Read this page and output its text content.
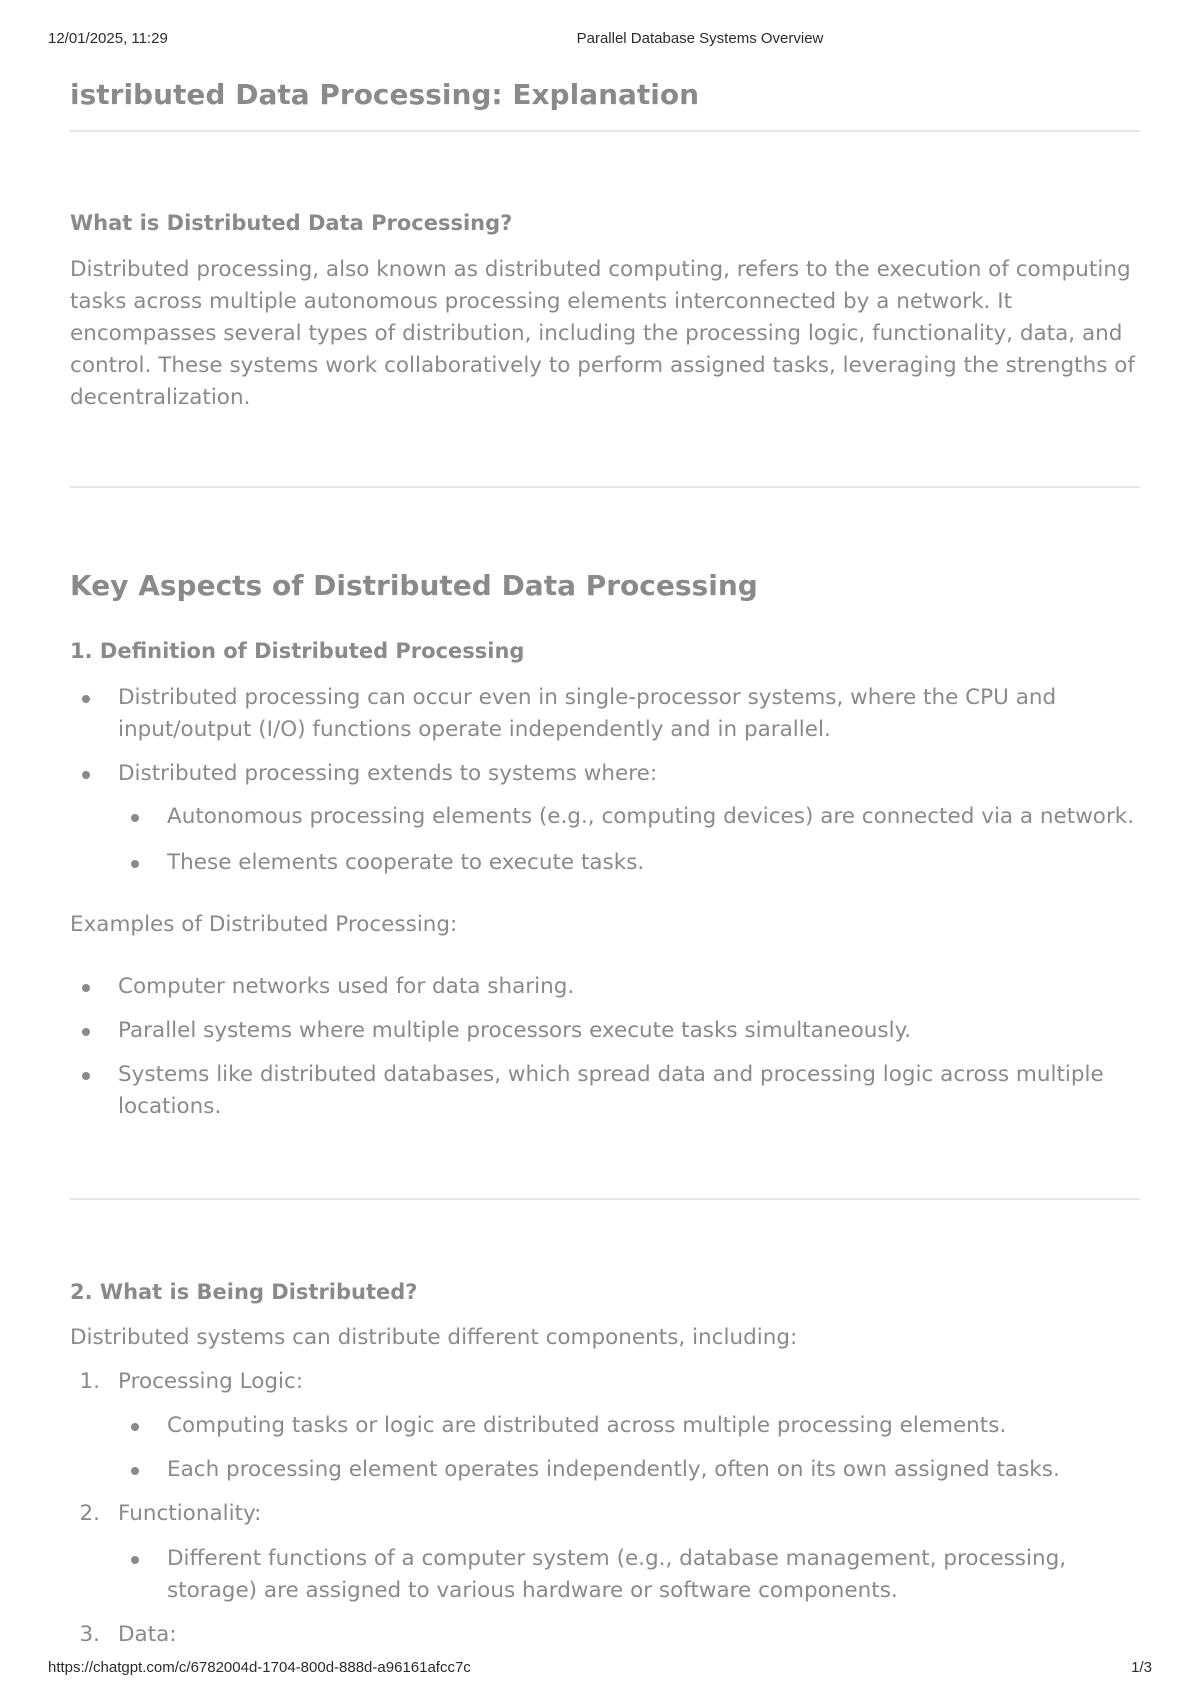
12/01/2025, 11:29	Parallel Database Systems Overview
istributed Data Processing: Explanation
What is Distributed Data Processing?
Distributed processing, also known as distributed computing, refers to the execution of computing
tasks across multiple autonomous processing elements interconnected by a network. It
encompasses several types of distribution, including the processing logic, functionality, data, and
control. These systems work collaboratively to perform assigned tasks, leveraging the strengths of
decentralization.
Key Aspects of Distributed Data Processing
1. Definition of Distributed Processing
Distributed processing can occur even in single-processor systems, where the CPU and
input/output (I/O) functions operate independently and in parallel.
Distributed processing extends to systems where:
Autonomous processing elements (e.g., computing devices) are connected via a network.
These elements cooperate to execute tasks.
Examples of Distributed Processing:
Computer networks used for data sharing.
Parallel systems where multiple processors execute tasks simultaneously.
Systems like distributed databases, which spread data and processing logic across multiple
locations.
2. What is Being Distributed?
Distributed systems can distribute different components, including:
1. Processing Logic:
Computing tasks or logic are distributed across multiple processing elements.
Each processing element operates independently, often on its own assigned tasks.
2. Functionality:
Different functions of a computer system (e.g., database management, processing,
storage) are assigned to various hardware or software components.
3. Data:
https://chatgpt.com/c/6782004d-1704-800d-888d-a96161afcc7c	1/3
